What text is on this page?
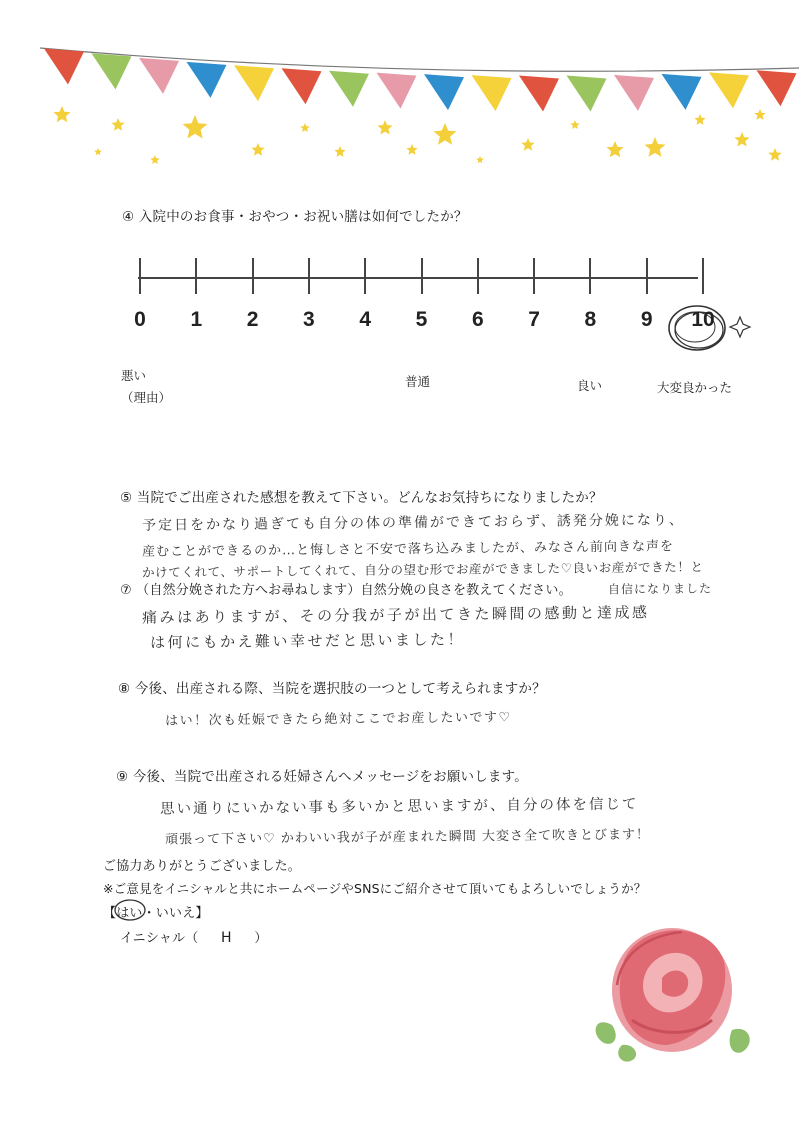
④ 入院中のお食事・おやつ・お祝い膳は如何でしたか？
悪い
（理由）
普通	良い	大変良かった
⑤ 当院でご出産された感想を教えて下さい。どんなお気持ちになりましたか？
予定日をかなり過ぎても自分の体の準備ができておらず、誘発分娩になり、
産むことができるのか…と悔しさと不安で落ち込みましたが、みなさん前向きな声を
かけてくれて、サポートしてくれて、自分の望む形でお産ができました♡良いお産ができた！と
自信になりました
⑦ （自然分娩された方へお尋ねします）自然分娩の良さを教えてください。
痛みはありますが、その分我が子が出てきた瞬間の感動と達成感
は何にもかえ難い幸せだと思いました！
⑧ 今後、出産される際、当院を選択肢の一つとして考えられますか？
はい！次も妊娠できたら絶対ここでお産したいです♡
⑨ 今後、当院で出産される妊婦さんへメッセージをお願いします。
思い通りにいかない事も多いかと思いますが、自分の体を信じて
頑張って下さい♡ かわいい我が子が産まれた瞬間 大変さ全て吹きとびます！
ご協力ありがとうございました。
※ご意見をイニシャルと共にホームページやSNSにご紹介させて頂いてもよろしいでしょうか？
【はい・いいえ】
イニシャル（ H ）
0	1	2	3	4	5	6	7	8	9	10
